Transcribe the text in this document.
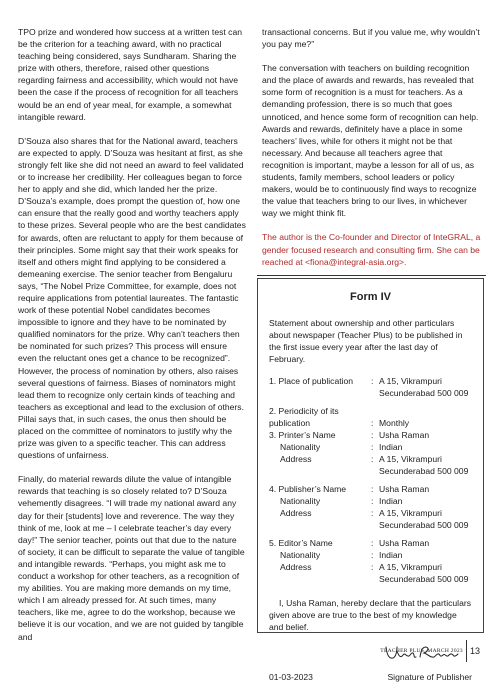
TPO prize and wondered how success at a written test can be the criterion for a teaching award, with no practical teaching being considered, says Sundharam. Sharing the prize with others, therefore, raised other questions regarding fairness and accessibility, which would not have been the case if the process of recognition for all teachers would be an end of year meal, for example, a somewhat intangible reward.

D’Souza also shares that for the National award, teachers are expected to apply. D’Souza was hesitant at first, as she strongly felt like she did not need an award to feel validated or to increase her credibility. Her colleagues began to force her to apply and she did, which landed her the prize. D’Souza’s example, does prompt the question of, how one can ensure that the really good and worthy teachers apply to these prizes. Several people who are the best candidates for awards, often are reluctant to apply for them because of their principles. Some might say that their work speaks for itself and others might find applying to be considered a demeaning exercise. The senior teacher from Bengaluru says, “The Nobel Prize Committee, for example, does not require applications from potential laureates. The fantastic work of these potential Nobel candidates becomes impossible to ignore and they have to be nominated by qualified nominators for the prize. Why can’t teachers then be nominated for such prizes? This process will ensure even the reluctant ones get a chance to be recognized”. However, the process of nomination by others, also raises several questions of fairness. Biases of nominators might lead them to recognize only certain kinds of teaching and teachers as exceptional and lead to the exclusion of others. Pillai says that, in such cases, the onus then should be placed on the committee of nominators to justify why the prize was given to a specific teacher. This can address questions of unfairness.

Finally, do material rewards dilute the value of intangible rewards that teaching is so closely related to? D’Souza vehemently disagrees. “I will trade my national award any day for their [students] love and reverence. The way they think of me, look at me – I celebrate teacher’s day every day!” The senior teacher, points out that due to the nature of society, it can be difficult to separate the value of tangible and intangible rewards. “Perhaps, you might ask me to conduct a workshop for other teachers, as a recognition of my abilities. You are making more demands on my time, which I am already pressed for. At such times, many teachers, like me, agree to do the workshop, because we believe it is our vocation, and we are not guided by tangible and

transactional concerns. But if you value me, why wouldn’t you pay me?”

The conversation with teachers on building recognition and the place of awards and rewards, has revealed that some form of recognition is a must for teachers. As a demanding profession, there is so much that goes unnoticed, and hence some form of recognition can help. Awards and rewards, definitely have a place in some teachers’ lives, while for others it might not be that necessary. And because all teachers agree that recognition is important, maybe a lesson for all of us, as students, family members, school leaders or policy makers, would be to continuously find ways to recognize the value that teachers bring to our lives, in whichever way we might think fit.

The author is the Co-founder and Director of InteGRAL, a gender focused research and consulting firm. She can be reached at <fiona@integral-asia.org>.

Form IV
Statement about ownership and other particulars about newspaper (Teacher Plus) to be published in the first issue every year after the last day of February.
1. Place of publication	: A 15, Vikrampuri Secunderabad 500 009
2. Periodicity of its publication	: Monthly
3. Printer’s Name	: Usha Raman
Nationality	: Indian
Address	: A 15, Vikrampuri Secunderabad 500 009
4. Publisher’s Name	: Usha Raman
Nationality	: Indian
Address	: A 15, Vikrampuri Secunderabad 500 009
5. Editor’s Name	: Usha Raman
Nationality	: Indian
Address	: A 15, Vikrampuri Secunderabad 500 009
I, Usha Raman, hereby declare that the particulars given above are true to the best of my knowledge and belief.
01-03-2023	Signature of Publisher
TEACHER PLUS, MARCH 2023 13
